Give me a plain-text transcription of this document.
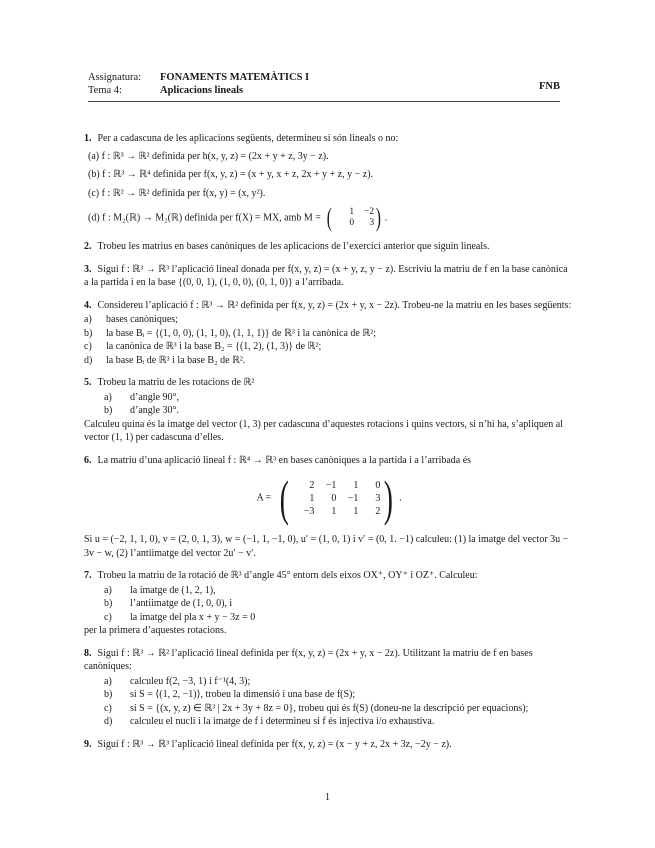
Assignatura: FONAMENTS MATEMÀTICS I
Tema 4:	Aplicacions lineals	FNB

1. Per a cadascuna de les aplicacions següents, determineu si són lineals o no:

(a) f : ℝ³ → ℝ² definida per h(x, y, z) = (2x + y + z, 3y − z).
(b) f : ℝ³ → ℝ⁴ definida per f(x, y, z) = (x + y, x + z, 2x + y + z, y − z).
(c) f : ℝ² → ℝ² definida per f(x, y) = (x, y²).
(d) f : M₂(ℝ) → M₂(ℝ) definida per f(X) = MX, amb M = (	1	−2
0	3 ) .

2. Trobeu les matrius en bases canòniques de les aplicacions de l’exercici anterior que siguin lineals.

3. Sigui f : ℝ³ → ℝ³ l’aplicació lineal donada per f(x, y, z) = (x + y, z, y − z). Escriviu la matriu de f en la base canònica a la partida i en la base {(0, 0, 1), (1, 0, 0), (0, 1, 0)} a l’arribada.

4. Considereu l’aplicació f : ℝ³ → ℝ² definida per f(x, y, z) = (2x + y, x − 2z). Trobeu-ne la matriu en les bases següents:

a)	bases canòniques;
b)	la base Bᵢ = {(1, 0, 0), (1, 1, 0), (1, 1, 1)} de ℝ³ i la canònica de ℝ²;
c)	la canònica de ℝ³ i la base B₂ = {(1, 2), (1, 3)} de ℝ²;
d)	la base Bᵢ de ℝ³ i la base B₂ de ℝ².

5. Trobeu la matriu de les rotacions de ℝ²

a)	d’angle 90°,
b)	d’angle 30°.

Calculeu quina és la imatge del vector (1, 3) per cadascuna d’aquestes rotacions i quins vectors, si n’hi ha, s’apliquen al vector (1, 1) per cadascuna d’elles.

6. La matriu d’una aplicació lineal f : ℝ⁴ → ℝ³ en bases canòniques a la partida i a l’arribada és

A = (	2	−1	1	0
1	0	−1	3
−3	1	1	2 ) .

Si u = (−2, 1, 1, 0), v = (2, 0, 1, 3), w = (−1, 1, −1, 0), u′ = (1, 0, 1) i v′ = (0, 1. −1) calculeu: (1) la imatge del vector 3u − 3v − w, (2) l’antiimatge del vector 2u′ − v′.

7. Trobeu la matriu de la rotació de ℝ³ d’angle 45° entorn dels eixos OX⁺, OY⁺ i OZ⁺. Calculeu:

a)	la imatge de (1, 2, 1),
b)	l’antiimatge de (1, 0, 0), i
c)	la imatge del pla x + y − 3z = 0

per la primera d’aquestes rotacions.

8. Sigui f : ℝ³ → ℝ² l’aplicació lineal definida per f(x, y, z) = (2x + y, x − 2z). Utilitzant la matriu de f en bases canòniques:

a)	calculeu f(2, −3, 1) i f⁻¹(4, 3);
b)	si S = ⟨(1, 2, −1)⟩, trobeu la dimensió i una base de f(S);
c)	si S = {(x, y, z) ∈ ℝ³ | 2x + 3y + 8z = 0}, trobeu qui és f(S) (doneu-ne la descripció per equacions);
d)	calculeu el nucli i la imatge de f i determineu si f és injectiva i/o exhaustiva.

9. Sigui f : ℝ³ → ℝ³ l’aplicació lineal definida per f(x, y, z) = (x − y + z, 2x + 3z, −2y − z).

1
